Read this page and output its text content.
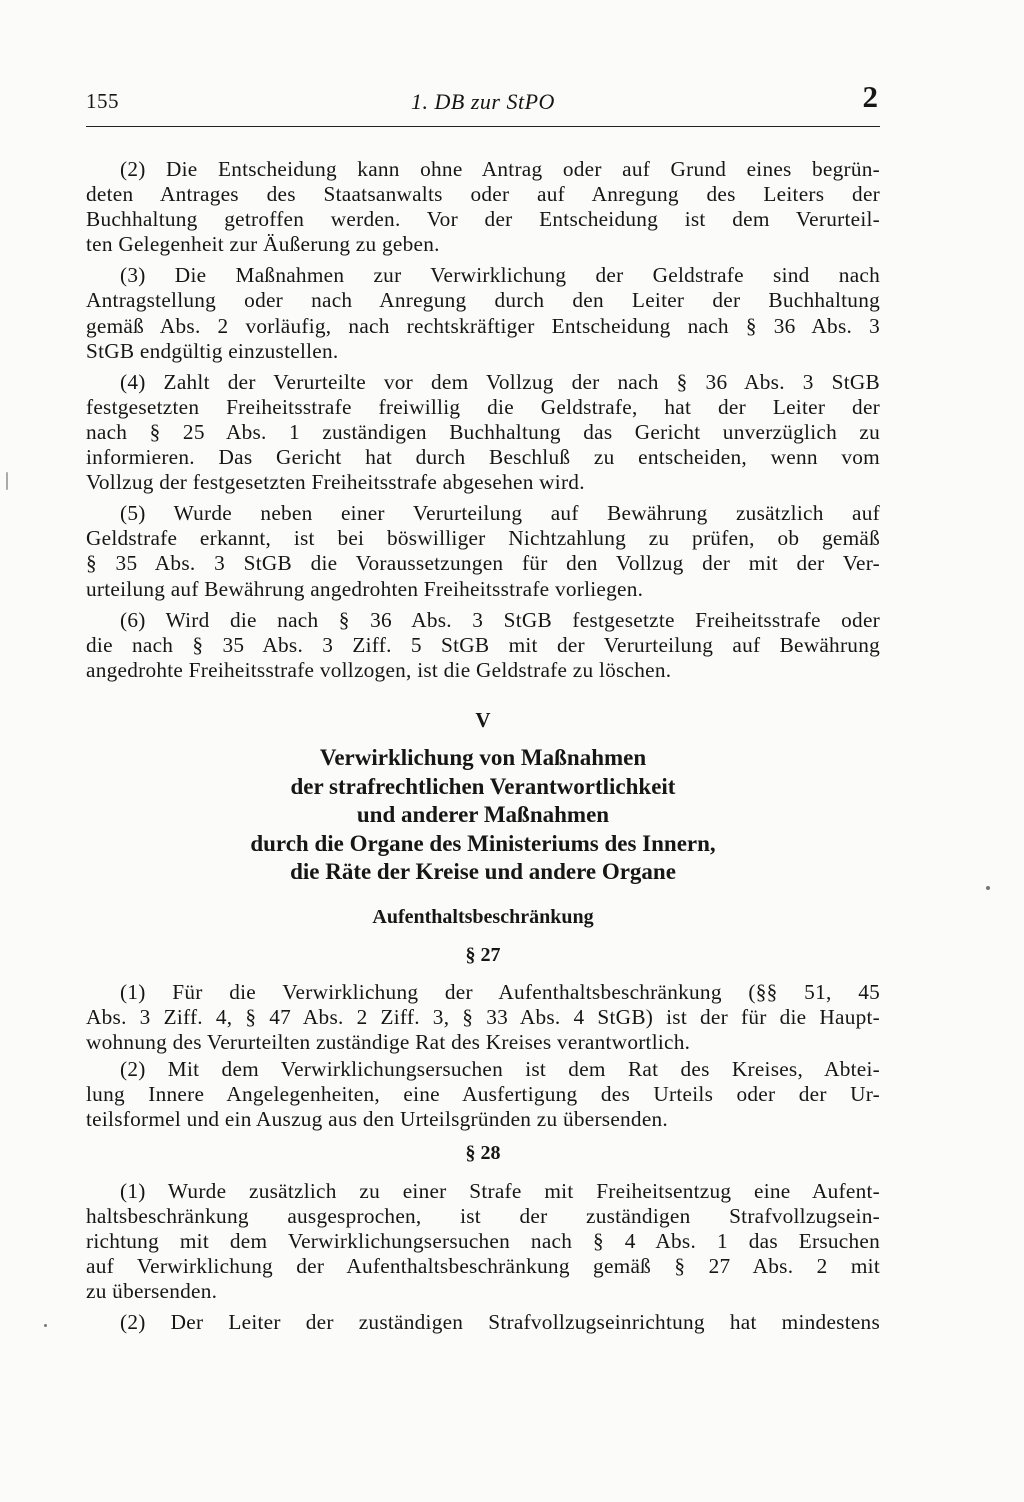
155	1. DB zur StPO	2

(2) Die Entscheidung kann ohne Antrag oder auf Grund eines begrün-
deten Antrages des Staatsanwalts oder auf Anregung des Leiters der
Buchhaltung getroffen werden. Vor der Entscheidung ist dem Verurteil-
ten Gelegenheit zur Äußerung zu geben.

(3) Die Maßnahmen zur Verwirklichung der Geldstrafe sind nach
Antragstellung oder nach Anregung durch den Leiter der Buchhaltung
gemäß Abs. 2 vorläufig, nach rechtskräftiger Entscheidung nach § 36 Abs. 3
StGB endgültig einzustellen.

(4) Zahlt der Verurteilte vor dem Vollzug der nach § 36 Abs. 3 StGB
festgesetzten Freiheitsstrafe freiwillig die Geldstrafe, hat der Leiter der
nach § 25 Abs. 1 zuständigen Buchhaltung das Gericht unverzüglich zu
informieren. Das Gericht hat durch Beschluß zu entscheiden, wenn vom
Vollzug der festgesetzten Freiheitsstrafe abgesehen wird.

(5) Wurde neben einer Verurteilung auf Bewährung zusätzlich auf
Geldstrafe erkannt, ist bei böswilliger Nichtzahlung zu prüfen, ob gemäß
§ 35 Abs. 3 StGB die Voraussetzungen für den Vollzug der mit der Ver-
urteilung auf Bewährung angedrohten Freiheitsstrafe vorliegen.

(6) Wird die nach § 36 Abs. 3 StGB festgesetzte Freiheitsstrafe oder
die nach § 35 Abs. 3 Ziff. 5 StGB mit der Verurteilung auf Bewährung
angedrohte Freiheitsstrafe vollzogen, ist die Geldstrafe zu löschen.

V
Verwirklichung von Maßnahmen
der strafrechtlichen Verantwortlichkeit
und anderer Maßnahmen
durch die Organe des Ministeriums des Innern,
die Räte der Kreise und andere Organe
Aufenthaltsbeschränkung
§ 27

(1) Für die Verwirklichung der Aufenthaltsbeschränkung (§§ 51, 45
Abs. 3 Ziff. 4, § 47 Abs. 2 Ziff. 3, § 33 Abs. 4 StGB) ist der für die Haupt-
wohnung des Verurteilten zuständige Rat des Kreises verantwortlich.

(2) Mit dem Verwirklichungsersuchen ist dem Rat des Kreises, Abtei-
lung Innere Angelegenheiten, eine Ausfertigung des Urteils oder der Ur-
teilsformel und ein Auszug aus den Urteilsgründen zu übersenden.

§ 28

(1) Wurde zusätzlich zu einer Strafe mit Freiheitsentzug eine Aufent-
haltsbeschränkung ausgesprochen, ist der zuständigen Strafvollzugsein-
richtung mit dem Verwirklichungsersuchen nach § 4 Abs. 1 das Ersuchen
auf Verwirklichung der Aufenthaltsbeschränkung gemäß § 27 Abs. 2 mit
zu übersenden.

(2) Der Leiter der zuständigen Strafvollzugseinrichtung hat mindestens
